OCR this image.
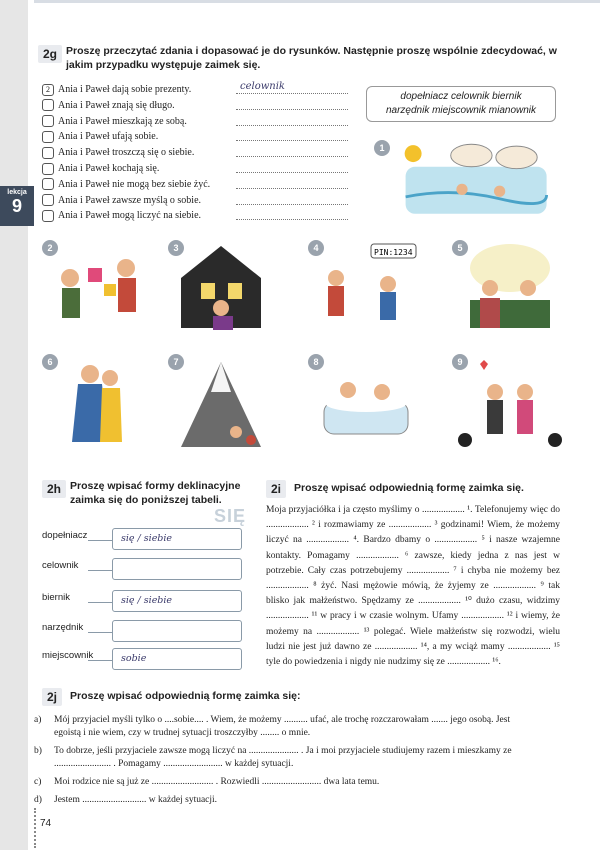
lekcja
9
2g Proszę przeczytać zdania i dopasować je do rysunków. Następnie proszę wspólnie zdecydować, w jakim przypadku występuje zaimek się.
2 Ania i Paweł dają sobie prezenty.	celownik
Ania i Paweł znają się długo.
Ania i Paweł mieszkają ze sobą.
Ania i Paweł ufają sobie.
Ania i Paweł troszczą się o siebie.
Ania i Paweł kochają się.
Ania i Paweł nie mogą bez siebie żyć.
Ania i Paweł zawsze myślą o sobie.
Ania i Paweł mogą liczyć na siebie.
dopełniacz celownik biernik
narzędnik miejscownik mianownik
1
2	3	PIN:1234
4	5
6	7	8	9
2h Proszę wpisać formy deklinacyjne zaimka się do poniższej tabeli.
SIĘ
dopełniacz	się / siebie
celownik
biernik	się / siebie
narzędnik
miejscownik	sobie
2i	Proszę wpisać odpowiednią formę zaimka się.
Moja przyjaciółka i ja często myślimy o .................. ¹. Telefonujemy więc do .................. ² i rozmawiamy ze .................. ³ godzinami! Wiem, że możemy liczyć na .................. ⁴. Bardzo dbamy o .................. ⁵ i nasze wzajemne kontakty. Pomagamy .................. ⁶ zawsze, kiedy jedna z nas jest w potrzebie. Cały czas potrzebujemy .................. ⁷ i chyba nie możemy bez .................. ⁸ żyć. Nasi mężowie mówią, że żyjemy ze .................. ⁹ tak blisko jak małżeństwo. Spędzamy ze .................. ¹⁰ dużo czasu, widzimy .................. ¹¹ w pracy i w czasie wolnym. Ufamy .................. ¹² i wiemy, że możemy na .................. ¹³ polegać. Wiele małżeństw się rozwodzi, wielu ludzi nie jest już dawno ze .................. ¹⁴, a my wciąż mamy .................. ¹⁵ tyle do powiedzenia i nigdy nie nudzimy się ze .................. ¹⁶.
2j	Proszę wpisać odpowiednią formę zaimka się:
a) Mój przyjaciel myśli tylko o ....sobie.... . Wiem, że możemy .......... ufać, ale trochę rozczarowałam ....... jego osobą. Jest
egoistą i nie wiem, czy w trudnej sytuacji troszczyłby ........ o mnie.
b) To dobrze, jeśli przyjaciele zawsze mogą liczyć na ..................... . Ja i moi przyjaciele studiujemy razem i mieszkamy ze
........................ . Pomagamy ......................... w każdej sytuacji.
c) Moi rodzice nie są już ze .......................... . Rozwiedli ......................... dwa lata temu.
d) Jestem ........................... w każdej sytuacji.
74
